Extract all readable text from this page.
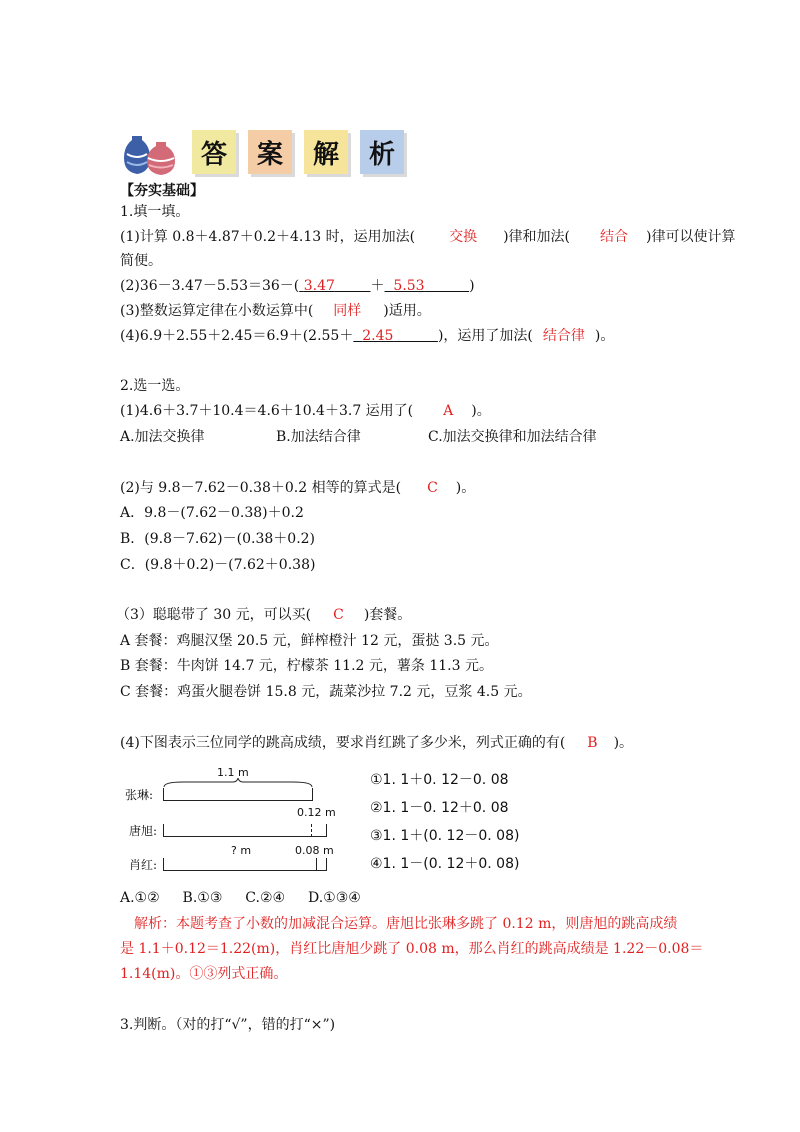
答	案	解	析
【夯实基础】
1.填一填。
(1)计算 0.8＋4.87＋0.2＋4.13 时，运用加法( 交换 )律和加法( 结合 )律可以使计算
简便。
(2)36－3.47－5.53＝36－( 3.47	＋ 5.53	)
(3)整数运算定律在小数运算中( 同样 )适用。
(4)6.9＋2.55＋2.45＝6.9＋(2.55＋ 2.45	)，运用了加法( 结合律 )。
2.选一选。
(1)4.6＋3.7＋10.4＝4.6＋10.4＋3.7 运用了( A )。
A.加法交换律	B.加法结合律	C.加法交换律和加法结合律
(2)与 9.8－7.62－0.38＋0.2 相等的算式是( C )。
A．9.8－(7.62－0.38)＋0.2
B．(9.8－7.62)－(0.38＋0.2)
C．(9.8＋0.2)－(7.62＋0.38)
（3）聪聪带了 30 元，可以买( C )套餐。
A 套餐：鸡腿汉堡 20.5 元，鲜榨橙汁 12 元，蛋挞 3.5 元。
B 套餐：牛肉饼 14.7 元，柠檬茶 11.2 元，薯条 11.3 元。
C 套餐：鸡蛋火腿卷饼 15.8 元，蔬菜沙拉 7.2 元，豆浆 4.5 元。
(4)下图表示三位同学的跳高成绩，要求肖红跳了多少米，列式正确的有( B )。
张琳:
唐旭:
肖红:
1.1 m
0.12 m
? m	0.08 m
①1. 1＋0. 12－0. 08
②1. 1－0. 12＋0. 08
③1. 1＋(0. 12－0. 08)
④1. 1－(0. 12＋0. 08)
A.①②　  B.①③　  C.②④　  D.①③④
解析：本题考查了小数的加减混合运算。唐旭比张琳多跳了 0.12 m，则唐旭的跳高成绩
是 1.1＋0.12＝1.22(m)，肖红比唐旭少跳了 0.08 m，那么肖红的跳高成绩是 1.22－0.08＝
1.14(m)。①③列式正确。
3.判断。（对的打“√”，错的打“×”)
